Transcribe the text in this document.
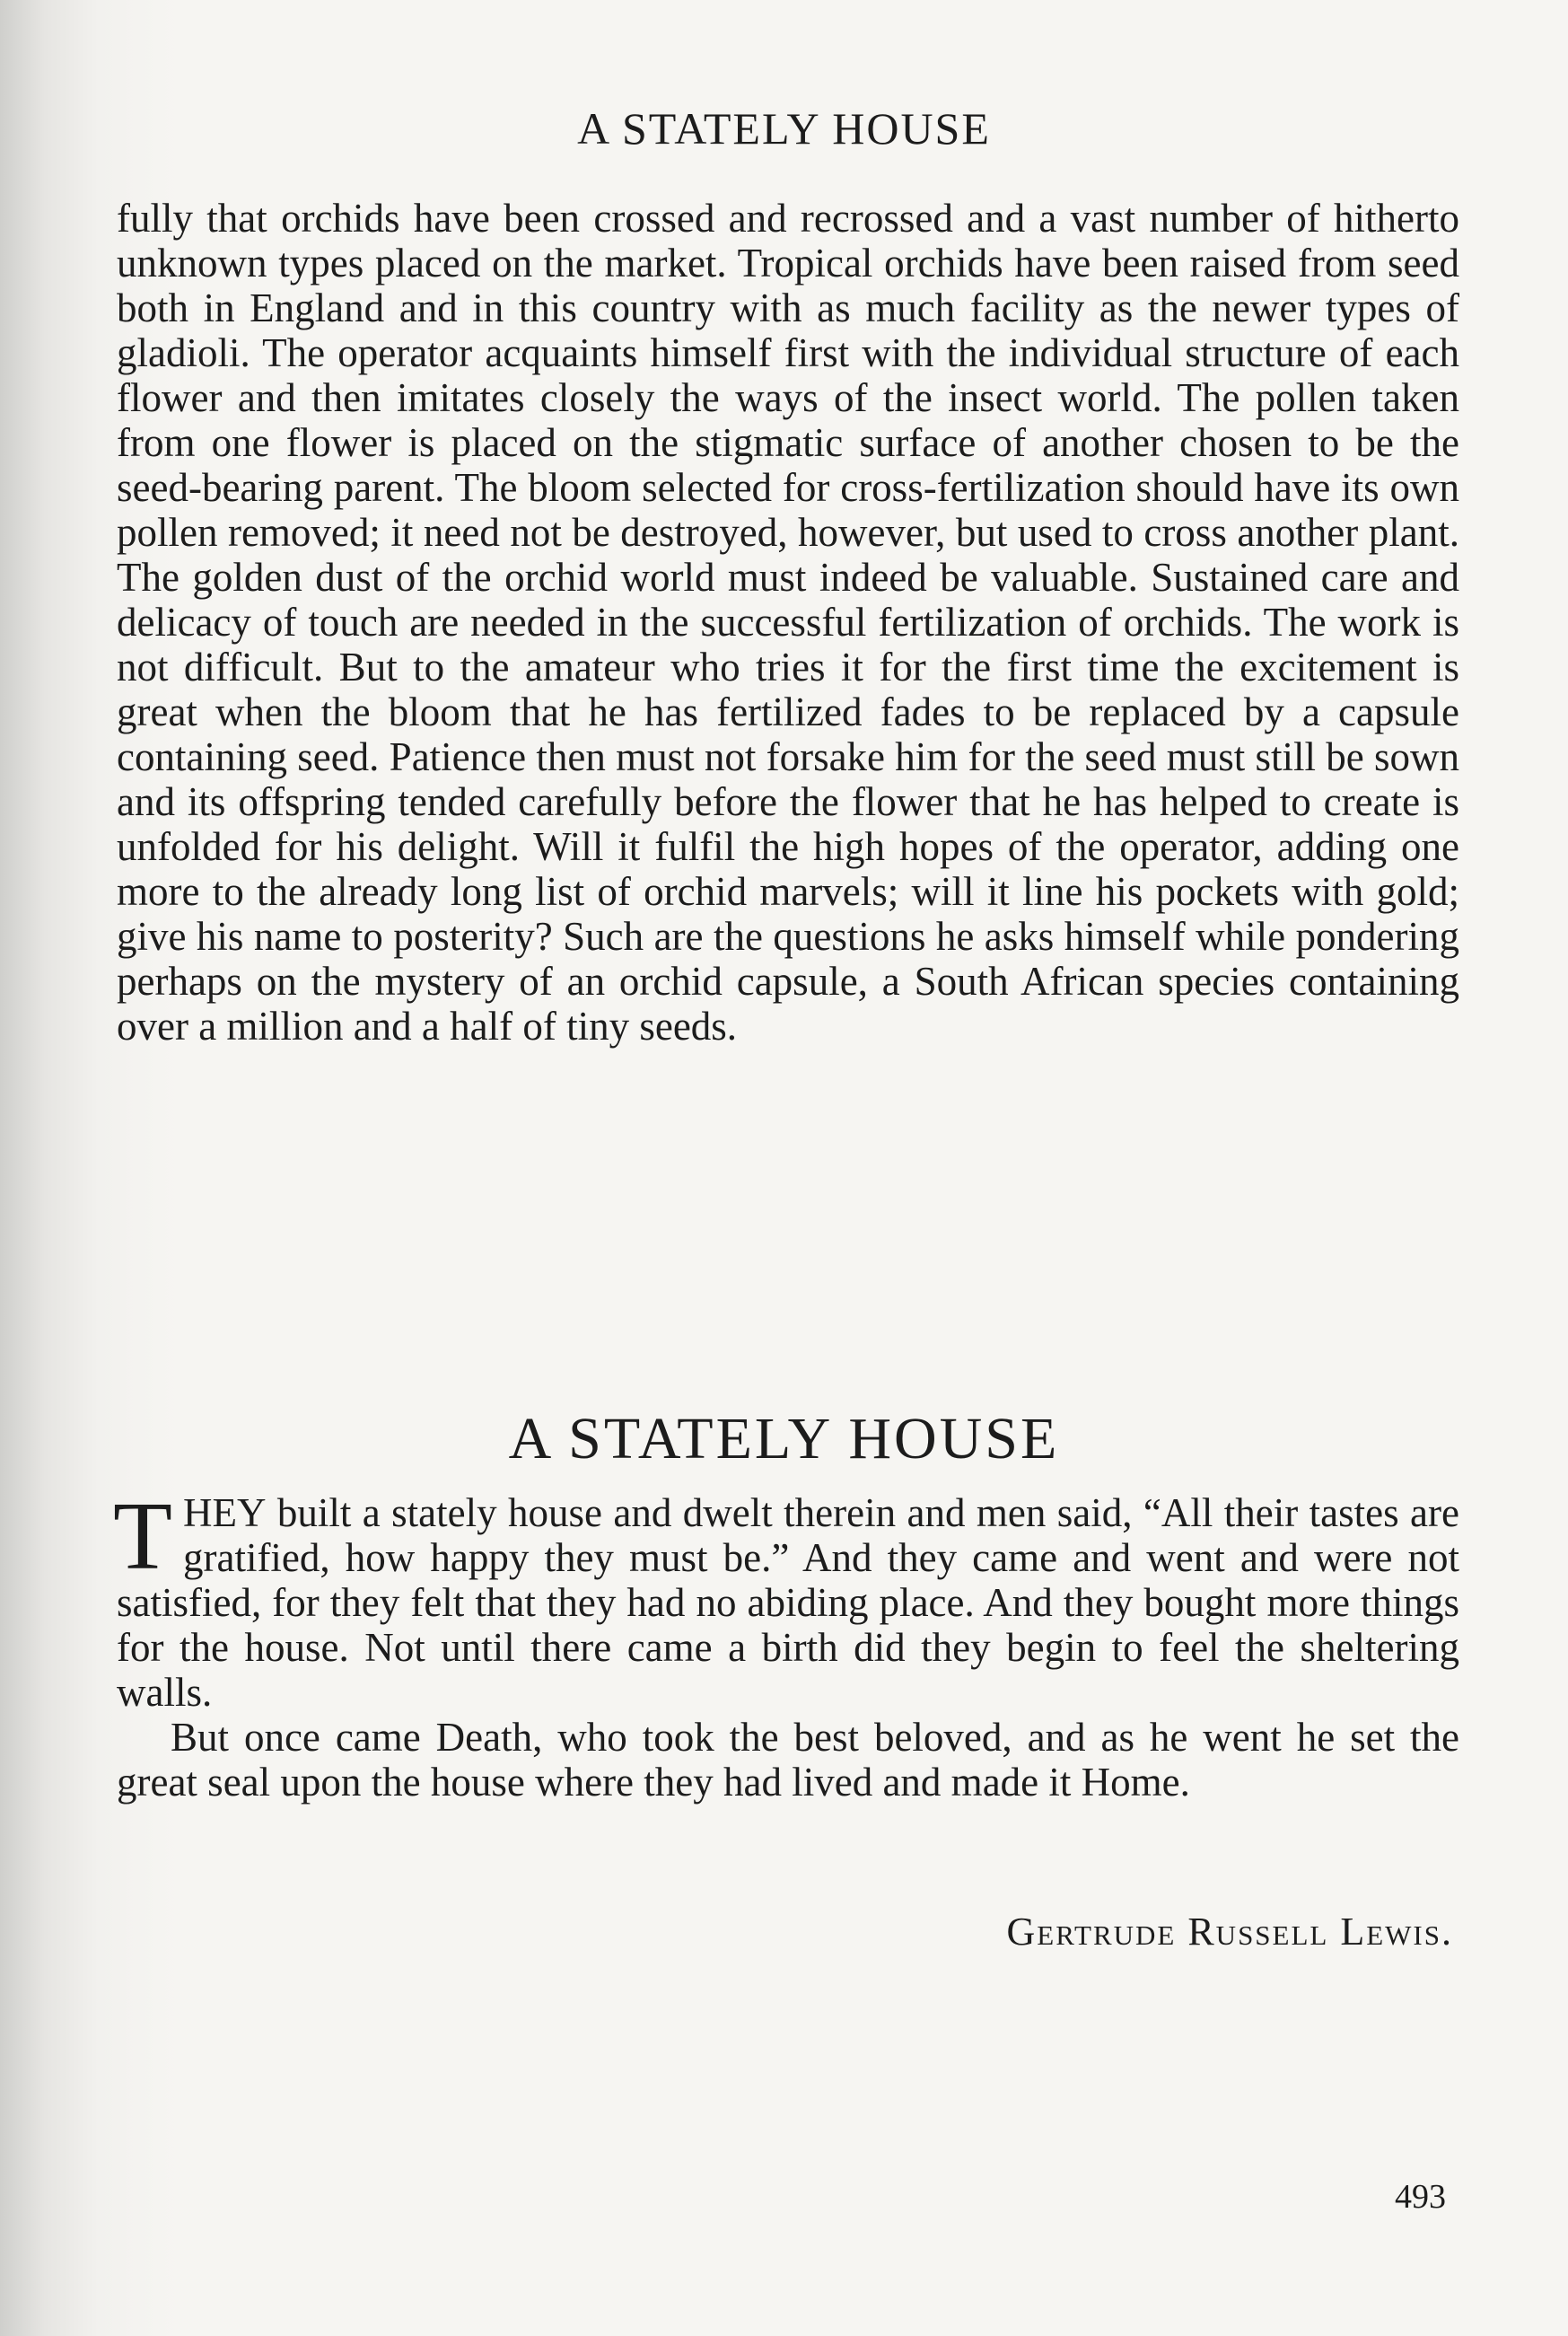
A STATELY HOUSE

fully that orchids have been crossed and recrossed and a vast number of hitherto unknown types placed on the market. Tropical orchids have been raised from seed both in England and in this country with as much facility as the newer types of gladioli. The operator acquaints himself first with the individual structure of each flower and then imitates closely the ways of the insect world. The pollen taken from one flower is placed on the stigmatic surface of another chosen to be the seed-bearing parent. The bloom selected for cross-fertilization should have its own pollen removed; it need not be destroyed, however, but used to cross another plant. The golden dust of the orchid world must indeed be valuable. Sustained care and delicacy of touch are needed in the successful fertilization of orchids. The work is not difficult. But to the amateur who tries it for the first time the excitement is great when the bloom that he has fertilized fades to be replaced by a capsule containing seed. Patience then must not forsake him for the seed must still be sown and its offspring tended carefully before the flower that he has helped to create is unfolded for his delight. Will it fulfil the high hopes of the operator, adding one more to the already long list of orchid marvels; will it line his pockets with gold; give his name to posterity? Such are the questions he asks himself while pondering perhaps on the mystery of an orchid capsule, a South African species containing over a million and a half of tiny seeds.

A STATELY HOUSE

THEY built a stately house and dwelt therein and men said, “All their tastes are gratified, how happy they must be.” And they came and went and were not satisfied, for they felt that they had no abiding place. And they bought more things for the house. Not until there came a birth did they begin to feel the sheltering walls.

But once came Death, who took the best beloved, and as he went he set the great seal upon the house where they had lived and made it Home.

Gertrude Russell Lewis.

493
